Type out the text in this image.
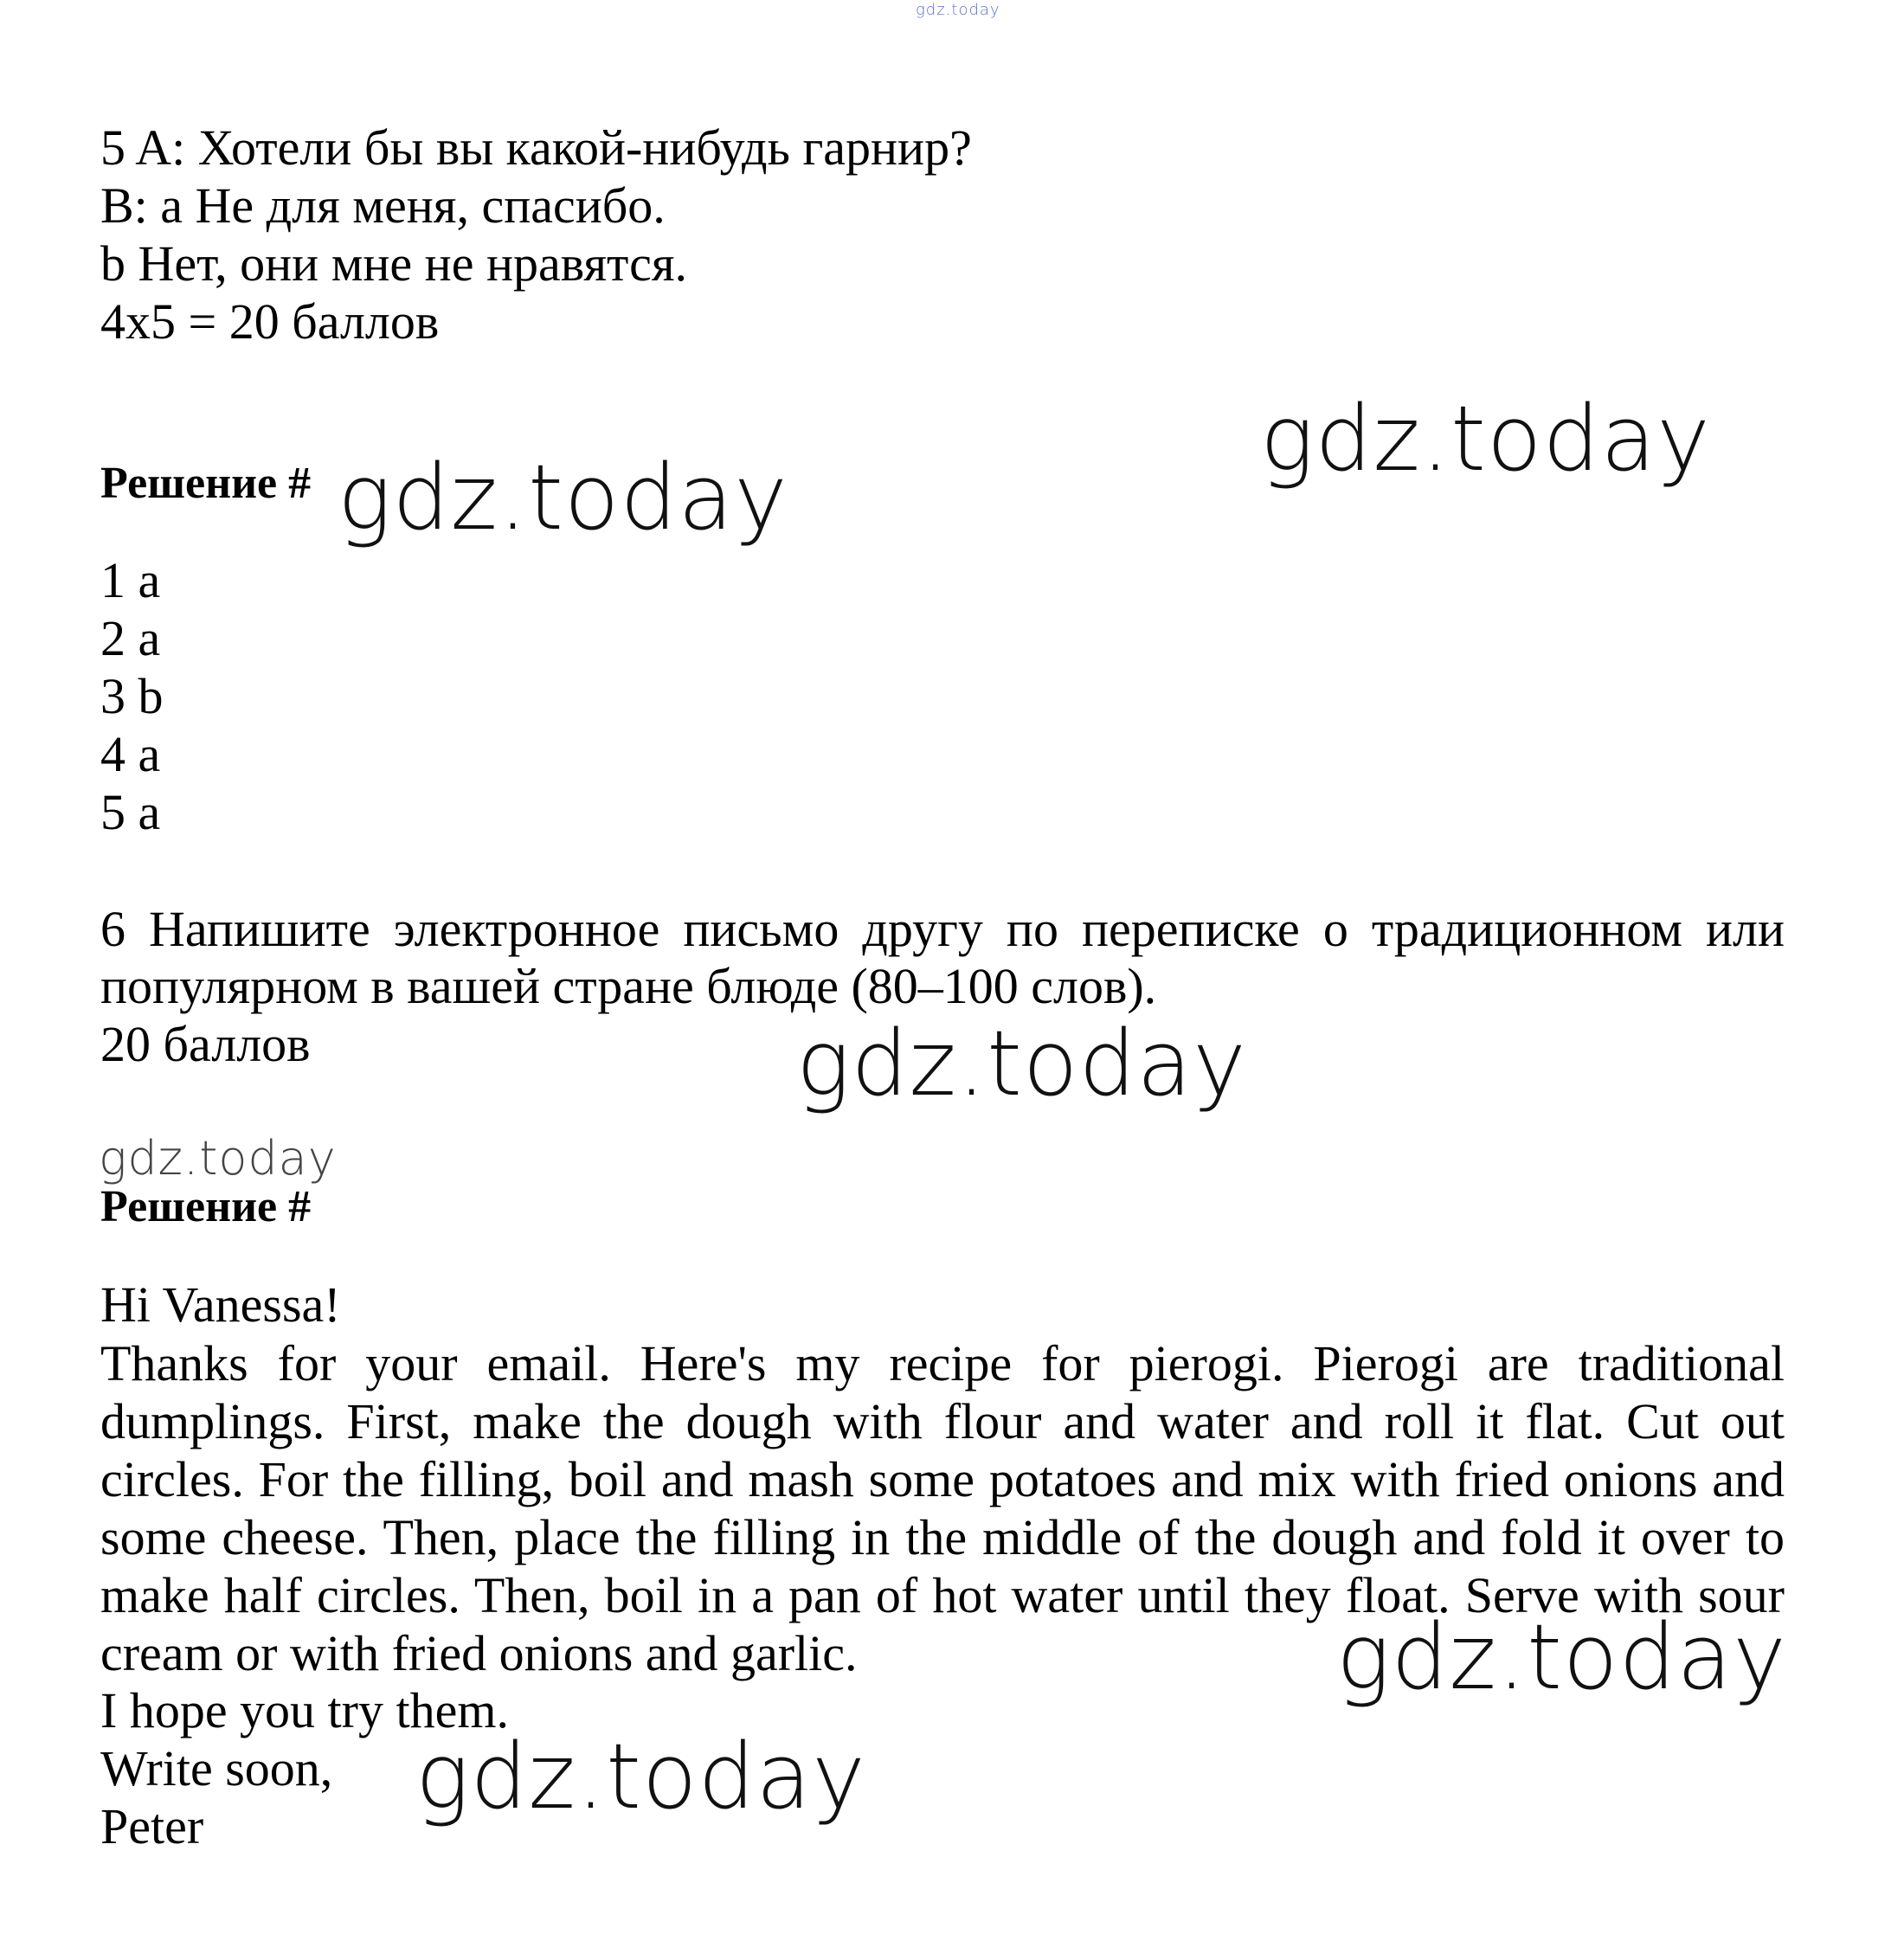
gdz.today
5 A: Хотели бы вы какой-нибудь гарнир?
B: a Не для меня, спасибо.
b Нет, они мне не нравятся.
4x5 = 20 баллов
gdz.today
Решение # gdz.today
1 a
2 a
3 b
4 a
5 a
6 Напишите электронное письмо другу по переписке о традиционном или
популярном в вашей стране блюде (80–100 слов).
20 баллов	gdz.today
gdz.today
Решение #
Hi Vanessa!
Thanks for your email. Here's my recipe for pierogi. Pierogi are traditional
dumplings. First, make the dough with flour and water and roll it flat. Cut out
circles. For the filling, boil and mash some potatoes and mix with fried onions and
some cheese. Then, place the filling in the middle of the dough and fold it over to
make half circles. Then, boil in a pan of hot water until they float. Serve with sour
cream or with fried onions and garlic.	gdz.today
I hope you try them.
Write soon,
Peter gdz.today
